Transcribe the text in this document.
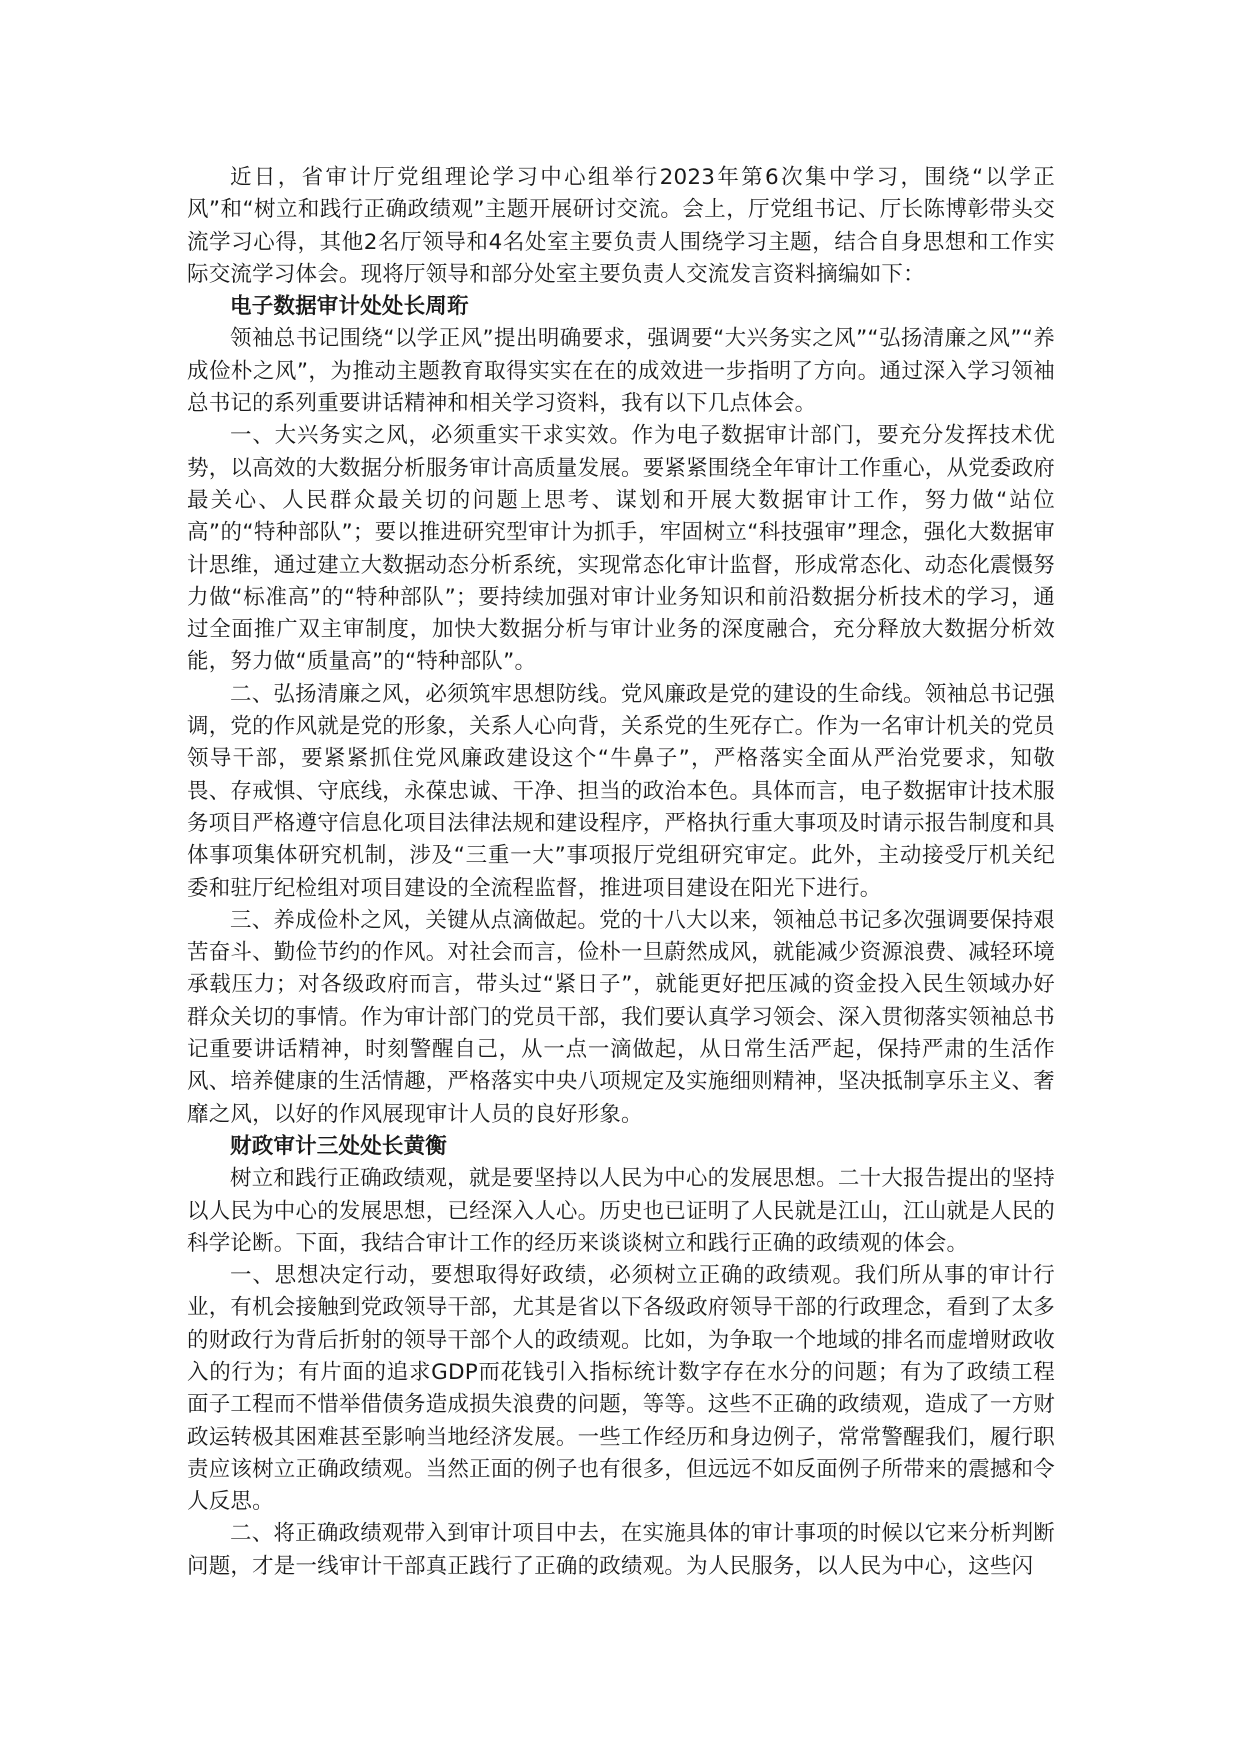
近日，省审计厅党组理论学习中心组举行2023年第6次集中学习，围绕“以学正风”和“树立和践行正确政绩观”主题开展研讨交流。会上，厅党组书记、厅长陈博彰带头交流学习心得，其他2名厅领导和4名处室主要负责人围绕学习主题，结合自身思想和工作实际交流学习体会。现将厅领导和部分处室主要负责人交流发言资料摘编如下：

电子数据审计处处长周珩

领袖总书记围绕“以学正风”提出明确要求，强调要“大兴务实之风”“弘扬清廉之风”“养成俭朴之风”，为推动主题教育取得实实在在的成效进一步指明了方向。通过深入学习领袖总书记的系列重要讲话精神和相关学习资料，我有以下几点体会。

一、大兴务实之风，必须重实干求实效。作为电子数据审计部门，要充分发挥技术优势，以高效的大数据分析服务审计高质量发展。要紧紧围绕全年审计工作重心，从党委政府最关心、人民群众最关切的问题上思考、谋划和开展大数据审计工作，努力做“站位高”的“特种部队”；要以推进研究型审计为抓手，牢固树立“科技强审”理念，强化大数据审计思维，通过建立大数据动态分析系统，实现常态化审计监督，形成常态化、动态化震慑努力做“标准高”的“特种部队”；要持续加强对审计业务知识和前沿数据分析技术的学习，通过全面推广双主审制度，加快大数据分析与审计业务的深度融合，充分释放大数据分析效能，努力做“质量高”的“特种部队”。

二、弘扬清廉之风，必须筑牢思想防线。党风廉政是党的建设的生命线。领袖总书记强调，党的作风就是党的形象，关系人心向背，关系党的生死存亡。作为一名审计机关的党员领导干部，要紧紧抓住党风廉政建设这个“牛鼻子”，严格落实全面从严治党要求，知敬畏、存戒惧、守底线，永葆忠诚、干净、担当的政治本色。具体而言，电子数据审计技术服务项目严格遵守信息化项目法律法规和建设程序，严格执行重大事项及时请示报告制度和具体事项集体研究机制，涉及“三重一大”事项报厅党组研究审定。此外，主动接受厅机关纪委和驻厅纪检组对项目建设的全流程监督，推进项目建设在阳光下进行。

三、养成俭朴之风，关键从点滴做起。党的十八大以来，领袖总书记多次强调要保持艰苦奋斗、勤俭节约的作风。对社会而言，俭朴一旦蔚然成风，就能减少资源浪费、减轻环境承载压力；对各级政府而言，带头过“紧日子”，就能更好把压减的资金投入民生领域办好群众关切的事情。作为审计部门的党员干部，我们要认真学习领会、深入贯彻落实领袖总书记重要讲话精神，时刻警醒自己，从一点一滴做起，从日常生活严起，保持严肃的生活作风、培养健康的生活情趣，严格落实中央八项规定及实施细则精神，坚决抵制享乐主义、奢靡之风，以好的作风展现审计人员的良好形象。

财政审计三处处长黄衡

树立和践行正确政绩观，就是要坚持以人民为中心的发展思想。二十大报告提出的坚持以人民为中心的发展思想，已经深入人心。历史也已证明了人民就是江山，江山就是人民的科学论断。下面，我结合审计工作的经历来谈谈树立和践行正确的政绩观的体会。

一、思想决定行动，要想取得好政绩，必须树立正确的政绩观。我们所从事的审计行业，有机会接触到党政领导干部，尤其是省以下各级政府领导干部的行政理念，看到了太多的财政行为背后折射的领导干部个人的政绩观。比如，为争取一个地域的排名而虚增财政收入的行为；有片面的追求GDP而花钱引入指标统计数字存在水分的问题；有为了政绩工程面子工程而不惜举借债务造成损失浪费的问题，等等。这些不正确的政绩观，造成了一方财政运转极其困难甚至影响当地经济发展。一些工作经历和身边例子，常常警醒我们，履行职责应该树立正确政绩观。当然正面的例子也有很多，但远远不如反面例子所带来的震撼和令人反思。

二、将正确政绩观带入到审计项目中去，在实施具体的审计事项的时候以它来分析判断问题，才是一线审计干部真正践行了正确的政绩观。为人民服务，以人民为中心，这些闪
